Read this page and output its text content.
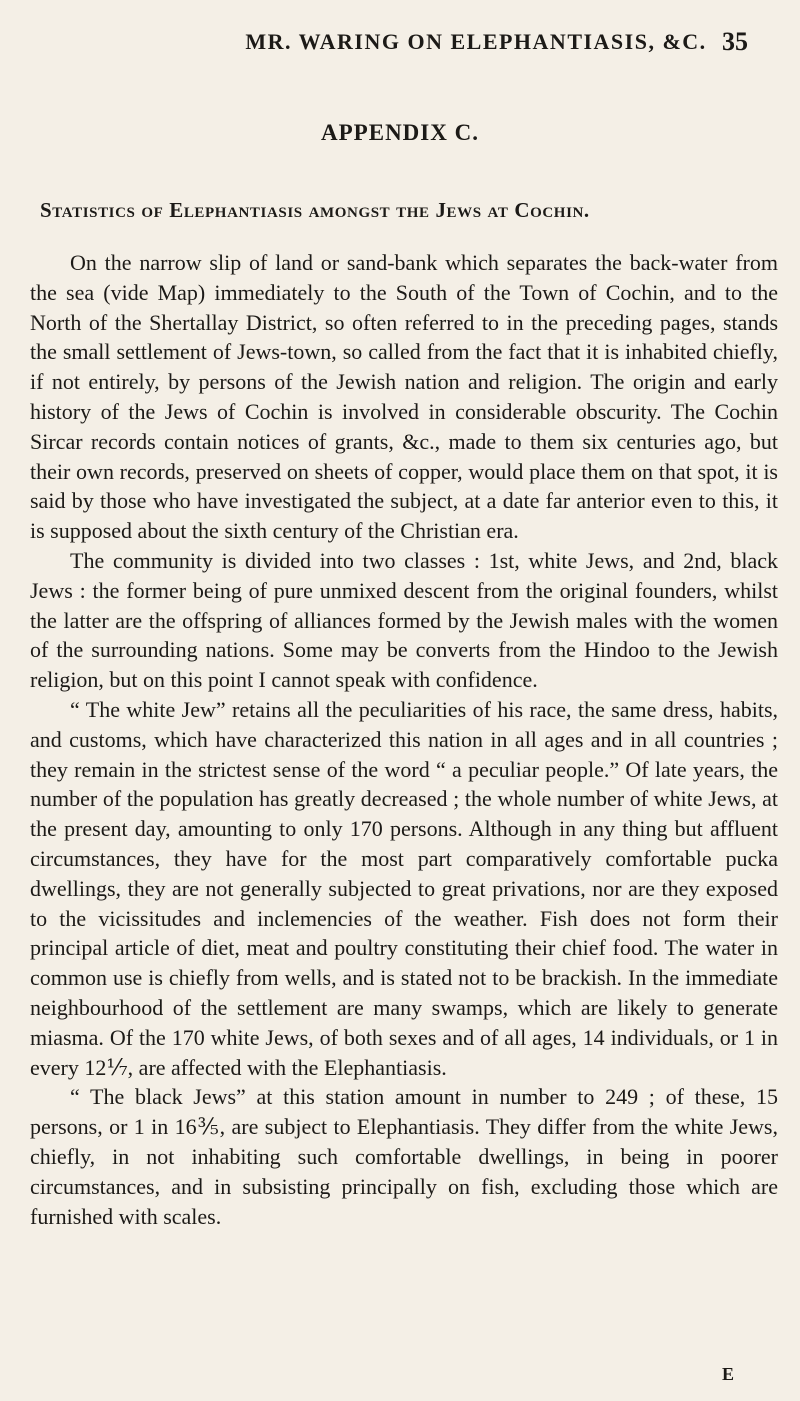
MR. WARING ON ELEPHANTIASIS, &C. 35
APPENDIX C.
Statistics of Elephantiasis amongst the Jews at Cochin.

On the narrow slip of land or sand-bank which separates the back-water from the sea (vide Map) immediately to the South of the Town of Cochin, and to the North of the Shertallay District, so often referred to in the preceding pages, stands the small settlement of Jews-town, so called from the fact that it is inhabited chiefly, if not entirely, by persons of the Jewish nation and religion. The origin and early history of the Jews of Cochin is involved in considerable obscurity. The Cochin Sircar records contain notices of grants, &c., made to them six centuries ago, but their own records, preserved on sheets of copper, would place them on that spot, it is said by those who have investigated the subject, at a date far anterior even to this, it is supposed about the sixth century of the Christian era.

The community is divided into two classes : 1st, white Jews, and 2nd, black Jews : the former being of pure unmixed descent from the original founders, whilst the latter are the offspring of alliances formed by the Jewish males with the women of the surrounding nations. Some may be converts from the Hindoo to the Jewish religion, but on this point I cannot speak with confidence.

“ The white Jew” retains all the peculiarities of his race, the same dress, habits, and customs, which have characterized this nation in all ages and in all countries ; they remain in the strictest sense of the word “ a peculiar people.” Of late years, the number of the population has greatly decreased ; the whole number of white Jews, at the present day, amounting to only 170 persons. Although in any thing but affluent circumstances, they have for the most part comparatively comfortable pucka dwellings, they are not generally subjected to great privations, nor are they exposed to the vicissitudes and inclemencies of the weather. Fish does not form their principal article of diet, meat and poultry constituting their chief food. The water in common use is chiefly from wells, and is stated not to be brackish. In the immediate neighbourhood of the settlement are many swamps, which are likely to generate miasma. Of the 170 white Jews, of both sexes and of all ages, 14 individuals, or 1 in every 12⅐, are affected with the Elephantiasis.

“ The black Jews” at this station amount in number to 249 ; of these, 15 persons, or 1 in 16⅗, are subject to Elephantiasis. They differ from the white Jews, chiefly, in not inhabiting such comfortable dwellings, in being in poorer circumstances, and in subsisting principally on fish, excluding those which are furnished with scales.

E
